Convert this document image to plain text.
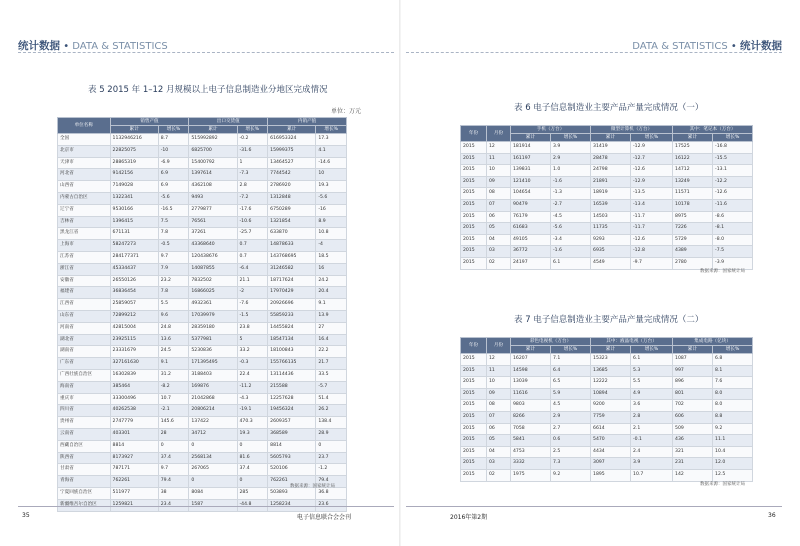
统计数据 • DATA & STATISTICS
表 5 2015 年 1–12 月规模以上电子信息制造业分地区完成情况
单位：万元
单位名称	销售产值		出口交货值		内销产值	
	累计	增长%	累计	增长%	累计	增长%
全国	1132946216	8.7	515992892	-0.2	616953324	17.3
北京市	22825075	-10	6825700	-31.6	15999375	4.1
天津市	28865319	-6.9	15400792	1	13464527	-14.6
河北省	9142156	6.9	1397614	-7.3	7744542	10
山西省	7149028	6.9	4362108	2.8	2786920	19.3
内蒙古自治区	1322341	-5.6	9493	-7.2	1312848	-5.6
辽宁省	9530166	-16.5	2779877	-17.6	6750289	-16
吉林省	1396415	7.5	76561	-10.6	1321854	8.9
黑龙江省	671131	7.8	37261	-25.7	633870	10.8
上海市	58247273	-0.5	43368640	0.7	14878633	-4
江苏省	284177371	9.7	120438676	0.7	143768695	18.5
浙江省	45334437	7.9	14087855	-6.4	31246582	16
安徽省	26550126	23.2	7832502	21.1	18717624	24.2
福建省	36836454	7.8	16866025	-2	17970429	20.4
江西省	25859057	5.5	4932361	-7.6	20926696	9.1
山东省	72899212	9.6	17039979	-1.5	55859233	13.9
河南省	42815004	24.8	28359180	23.8	14455824	27
湖北省	23925115	13.6	5377981	5	18547134	16.4
湖南省	23331679	24.5	5230836	33.2	18100843	22.2
广东省	327161630	9.1	171395495	-0.3	155766135	21.7
广西壮族自治区	16302839	31.2	3188403	22.4	13114436	33.5
海南省	385464	-8.2	169876	-11.2	215588	-5.7
重庆市	33300496	10.7	21042868	-4.3	12257628	51.4
四川省	40262538	-2.1	20806214	-19.1	19456324	26.2
贵州省	2747779	145.6	137422	470.3	2609357	138.4
云南省	403301	28	34712	19.3	368589	28.9
西藏自治区	8814	0	0	0	8814	0
陕西省	8173927	37.4	2568134	81.6	5605793	23.7
甘肃省	787171	9.7	267065	37.4	520106	-1.2
青海省	762261	79.4	0	0	762261	79.4
宁夏回族自治区	511977	38	8084	285	503893	36.8
新疆维吾尔自治区	1259821	23.4	1587	-44.8	1258234	23.6
数据来源：国家统计局
35	电子信息联合会会刊
DATA & STATISTICS • 统计数据
表 6 电子信息制造业主要产品产量完成情况（一）
年份	月份	手机（万台）		微型计算机（万台）		其中：笔记本（万台）	
		累计	增长%	累计	增长%	累计	增长%
2015	12	181914	3.9	31419	-12.9	17525	-16.8
2015	11	161197	2.9	28478	-12.7	16122	-15.5
2015	10	139831	1.0	24798	-12.6	14712	-13.1
2015	09	121410	-1.6	21891	-12.9	13249	-12.2
2015	08	104654	-1.3	18919	-13.5	11571	-12.6
2015	07	90479	-2.7	16539	-13.4	10178	-11.6
2015	06	76179	-4.5	14503	-11.7	8975	-8.6
2015	05	61683	-5.6	11735	-11.7	7226	-8.1
2015	04	49105	-3.4	9293	-12.6	5729	-8.0
2015	03	36772	-1.6	6935	-12.8	4389	-7.5
2015	02	24197	6.1	4549	-9.7	2780	-3.9
数据来源：国家统计局
表 7 电子信息制造业主要产品产量完成情况（二）
年份	月份	彩色电视机（万台）		其中：液晶电视（万台）		集成电路（亿块）	
		累计	增长%	累计	增长%	累计	增长%
2015	12	16207	7.1	15323	6.1	1087	6.8
2015	11	14598	6.4	13685	5.3	997	8.1
2015	10	13039	6.5	12222	5.5	896	7.6
2015	09	11616	5.9	10894	4.9	801	8.0
2015	08	9803	4.5	9200	3.6	702	8.0
2015	07	8266	2.9	7759	2.8	606	8.8
2015	06	7058	2.7	6614	2.1	509	9.2
2015	05	5841	0.6	5470	-0.1	436	11.1
2015	04	4753	2.5	4434	2.4	321	10.4
2015	03	3332	7.3	3097	3.9	231	12.0
2015	02	1975	9.2	1895	10.7	142	12.5
数据来源：国家统计局
2016年第2期	36
